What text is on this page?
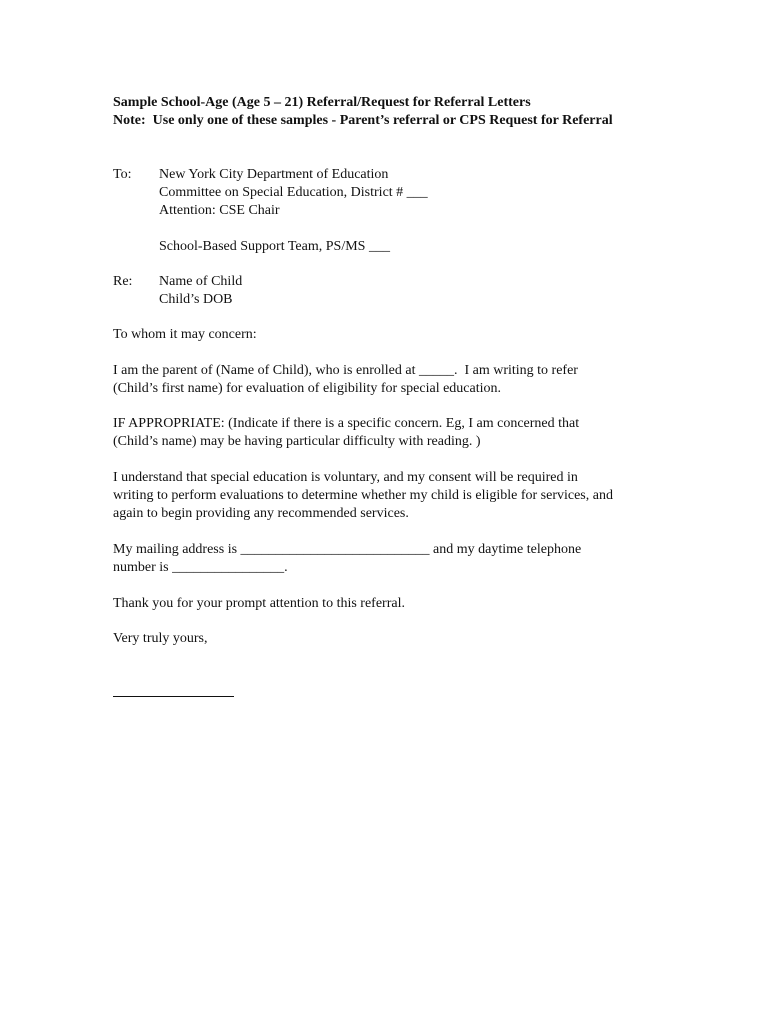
Sample School-Age (Age 5 – 21) Referral/Request for Referral Letters
Note:  Use only one of these samples - Parent’s referral or CPS Request for Referral
To: New York City Department of Education
Committee on Special Education, District # ___
Attention: CSE Chair
School-Based Support Team, PS/MS ___
Re: Name of Child
Child’s DOB
To whom it may concern:
I am the parent of (Name of Child), who is enrolled at _____.  I am writing to refer
(Child’s first name) for evaluation of eligibility for special education.
IF APPROPRIATE: (Indicate if there is a specific concern. Eg, I am concerned that
(Child’s name) may be having particular difficulty with reading. )
I understand that special education is voluntary, and my consent will be required in
writing to perform evaluations to determine whether my child is eligible for services, and
again to begin providing any recommended services.
My mailing address is ___________________________ and my daytime telephone
number is ________________.
Thank you for your prompt attention to this referral.
Very truly yours,
